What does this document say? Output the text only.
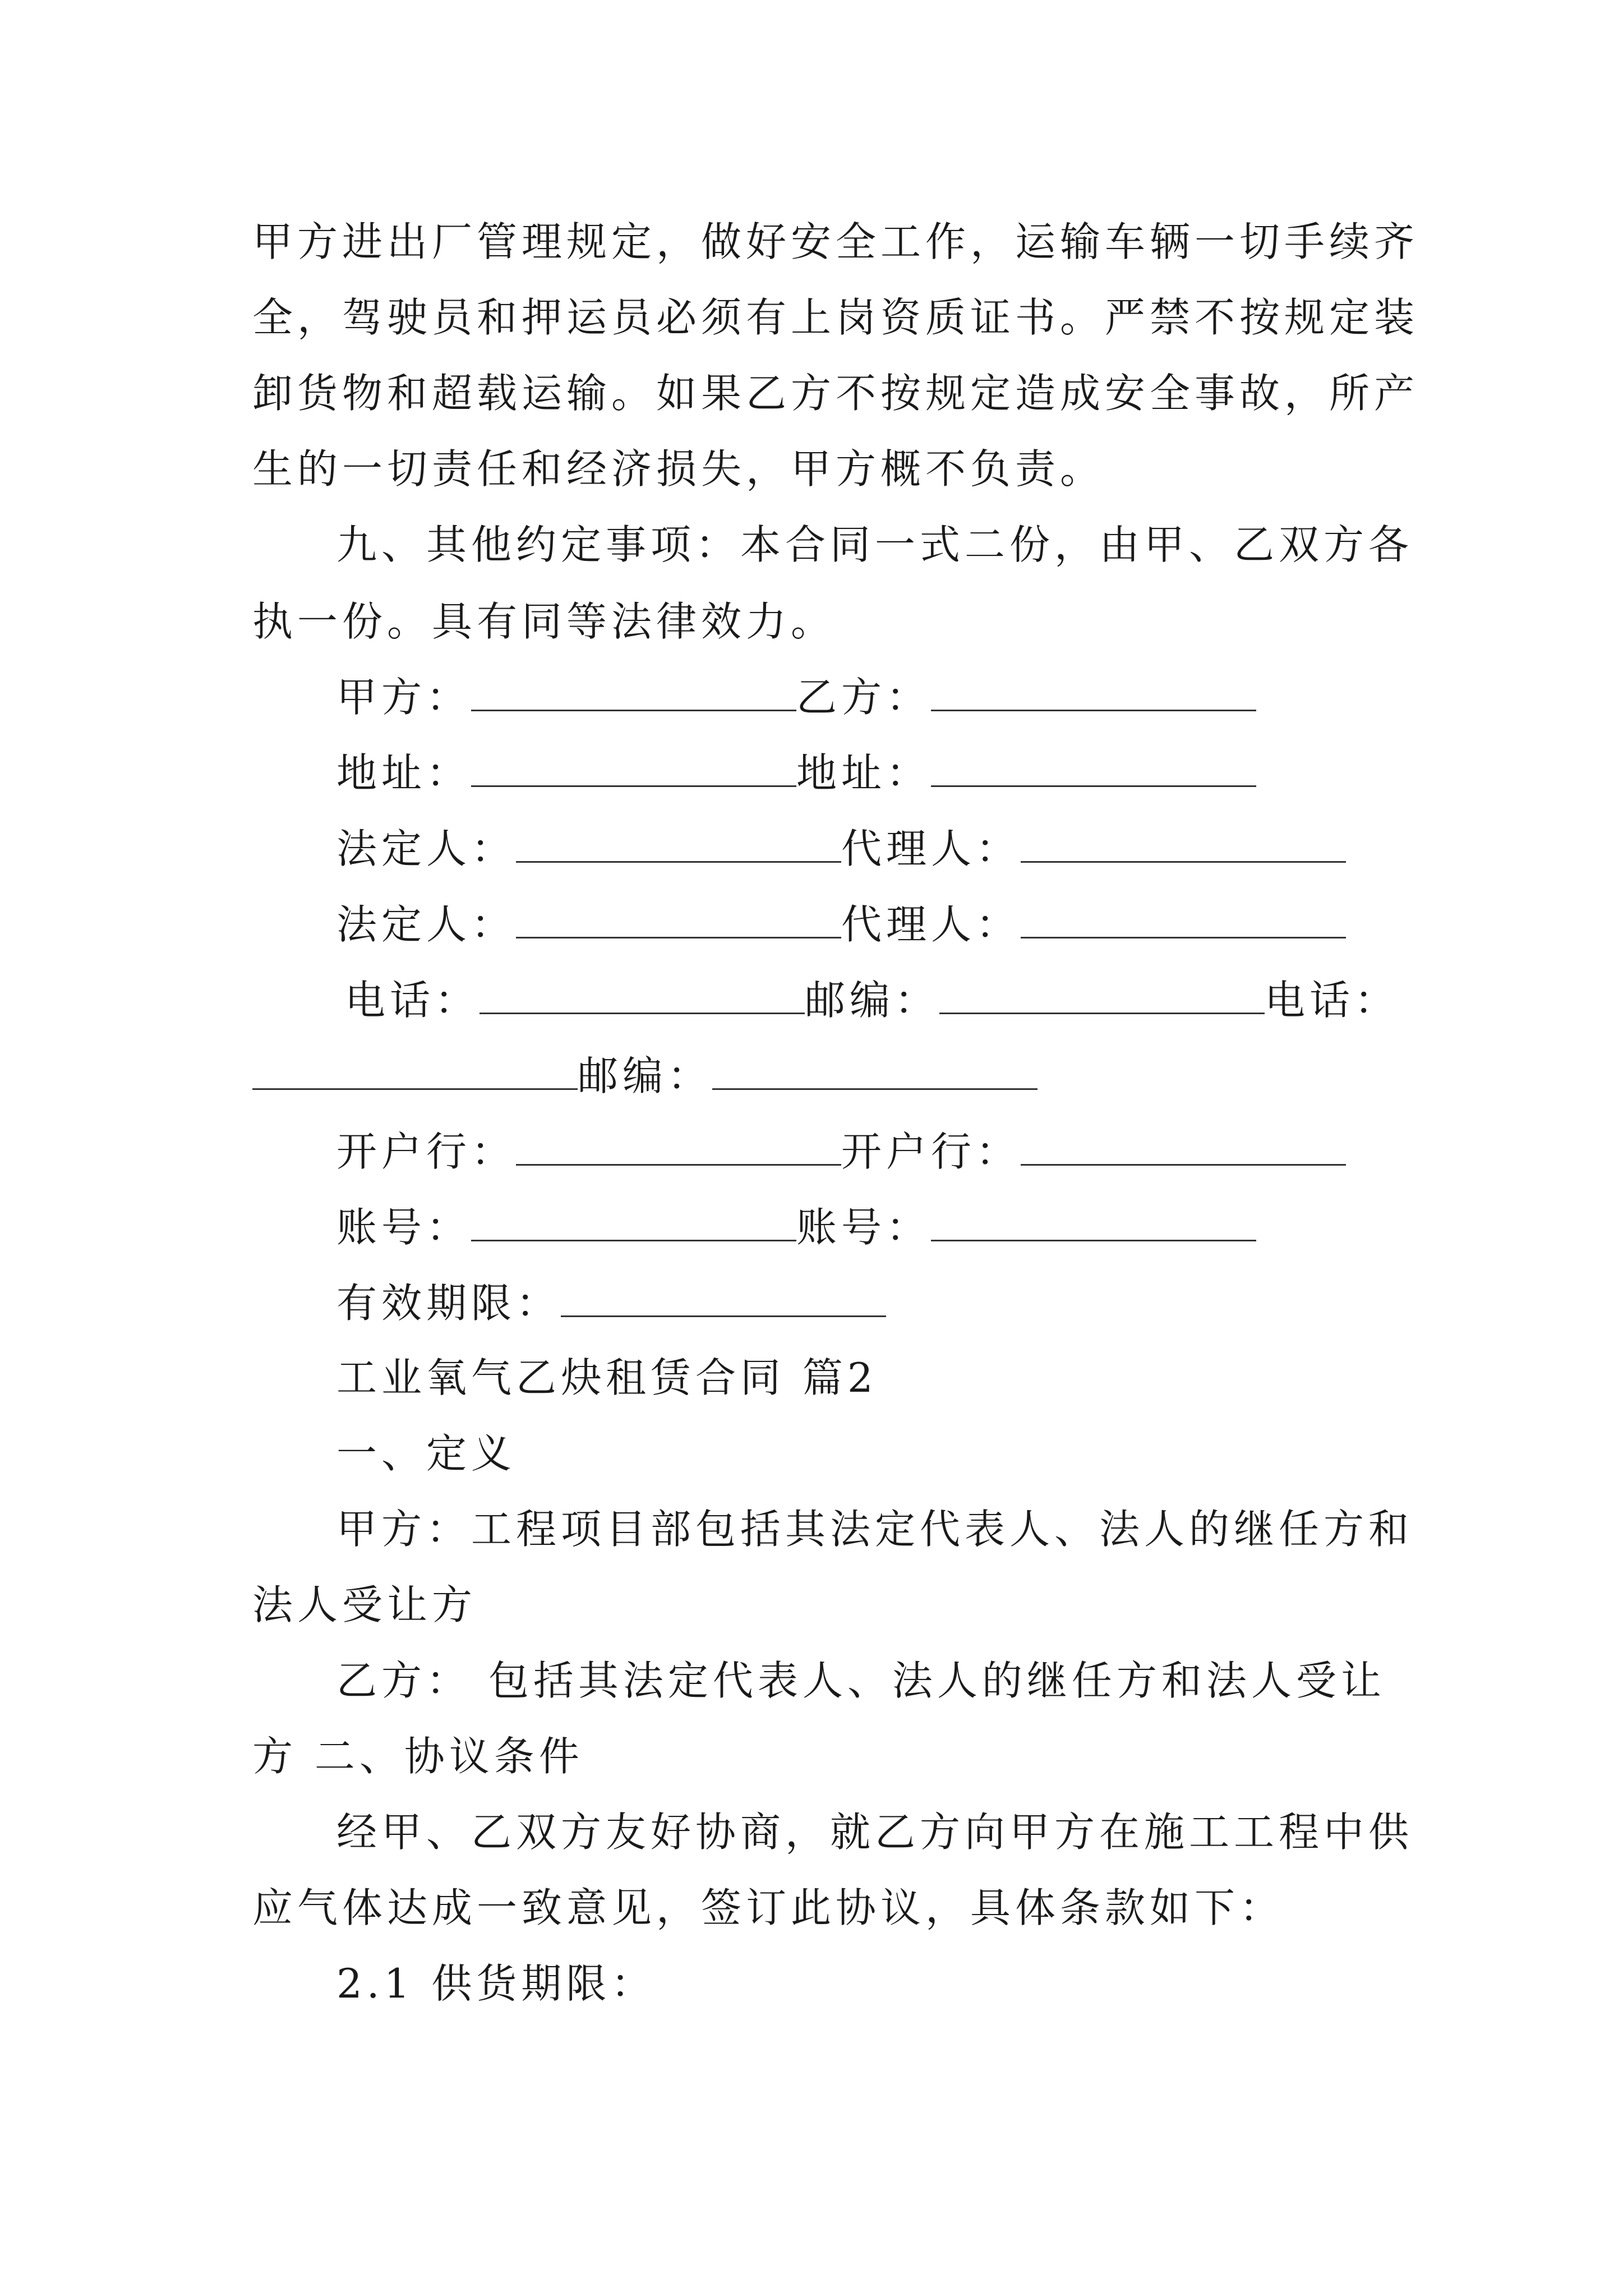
甲方进出厂管理规定，做好安全工作，运输车辆一切手续齐
全，驾驶员和押运员必须有上岗资质证书。严禁不按规定装
卸货物和超载运输。如果乙方不按规定造成安全事故，所产
生的一切责任和经济损失，甲方概不负责。
九、其他约定事项：本合同一式二份，由甲、乙双方各
执一份。具有同等法律效力。
甲方：	乙方：
地址：	地址：
法定人：	代理人：
法定人：	代理人：
电话：	邮编：	电话：
邮编：
开户行：	开户行：
账号：	账号：
有效期限：
工业氧气乙炔租赁合同 篇2
一、定义
甲方：工程项目部包括其法定代表人、法人的继任方和
法人受让方
乙方： 包括其法定代表人、法人的继任方和法人受让
方 二、协议条件
经甲、乙双方友好协商，就乙方向甲方在施工工程中供
应气体达成一致意见，签订此协议，具体条款如下：
2.1 供货期限：
